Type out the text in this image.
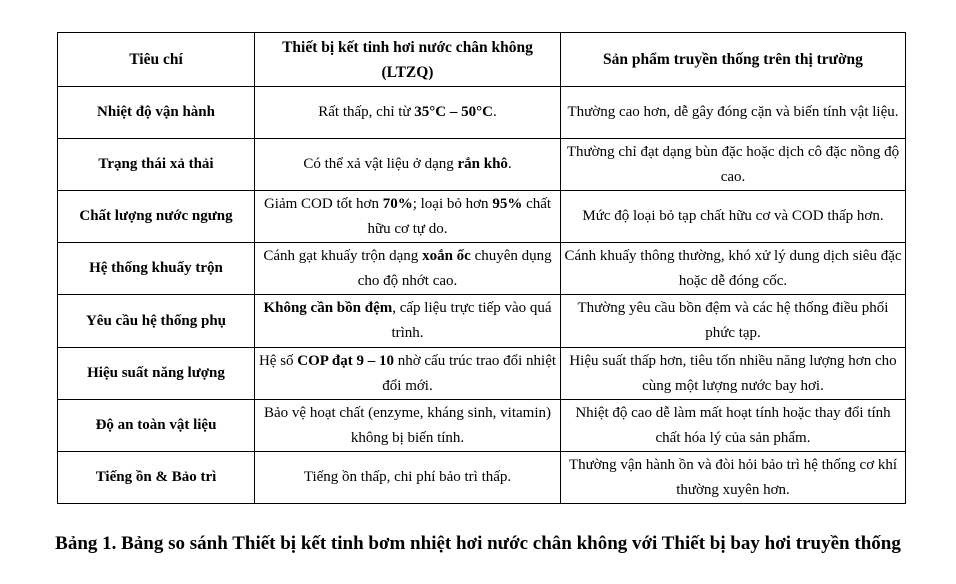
Tiêu chí	Thiết bị kết tinh hơi nước chân không (LTZQ)	Sản phẩm truyền thống trên thị trường
Nhiệt độ vận hành	Rất thấp, chỉ từ 35°C – 50°C.	Thường cao hơn, dễ gây đóng cặn và biến tính vật liệu.
Trạng thái xả thải	Có thể xả vật liệu ở dạng rắn khô.	Thường chỉ đạt dạng bùn đặc hoặc dịch cô đặc nồng độ cao.
Chất lượng nước ngưng	Giảm COD tốt hơn 70%; loại bỏ hơn 95% chất hữu cơ tự do.	Mức độ loại bỏ tạp chất hữu cơ và COD thấp hơn.
Hệ thống khuấy trộn	Cánh gạt khuấy trộn dạng xoắn ốc chuyên dụng cho độ nhớt cao.	Cánh khuấy thông thường, khó xử lý dung dịch siêu đặc hoặc dễ đóng cốc.
Yêu cầu hệ thống phụ	Không cần bồn đệm, cấp liệu trực tiếp vào quá trình.	Thường yêu cầu bồn đệm và các hệ thống điều phối phức tạp.
Hiệu suất năng lượng	Hệ số COP đạt 9 – 10 nhờ cấu trúc trao đổi nhiệt đổi mới.	Hiệu suất thấp hơn, tiêu tốn nhiều năng lượng hơn cho cùng một lượng nước bay hơi.
Độ an toàn vật liệu	Bảo vệ hoạt chất (enzyme, kháng sinh, vitamin) không bị biến tính.	Nhiệt độ cao dễ làm mất hoạt tính hoặc thay đổi tính chất hóa lý của sản phẩm.
Tiếng ồn & Bảo trì	Tiếng ồn thấp, chi phí bảo trì thấp.	Thường vận hành ồn và đòi hỏi bảo trì hệ thống cơ khí thường xuyên hơn.
Bảng 1. Bảng so sánh Thiết bị kết tinh bơm nhiệt hơi nước chân không với Thiết bị bay hơi truyền thống
